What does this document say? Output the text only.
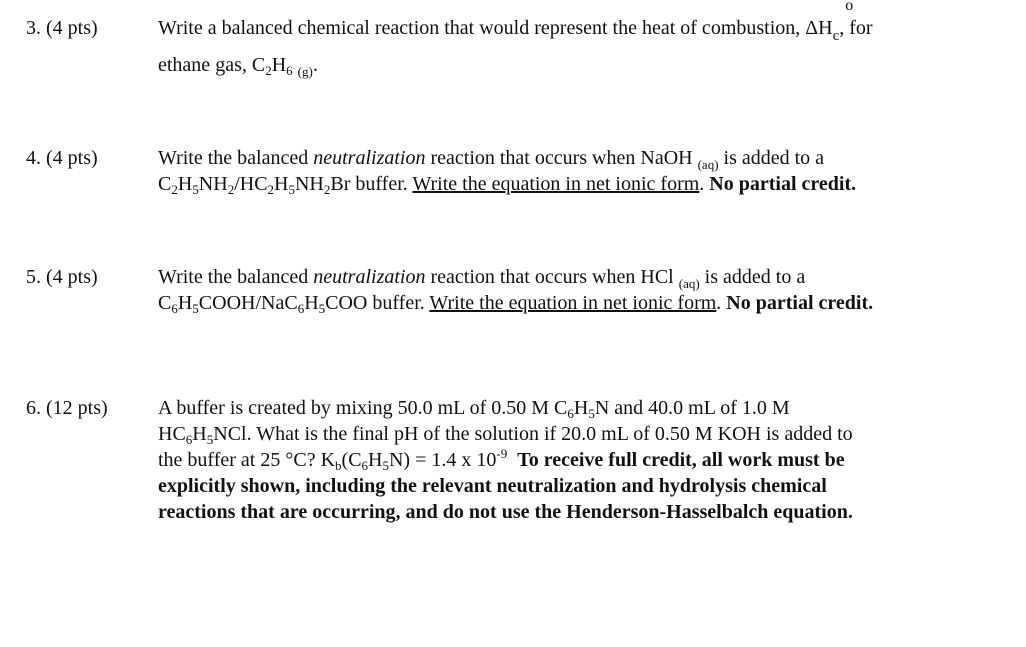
3. (4 pts)	Write a balanced chemical reaction that would represent the heat of combustion, $\Delta H_c$
o
, for
ethane gas, $C_2H_6$ $_{(g)}$.
4. (4 pts)	Write the balanced neutralization reaction that occurs when NaOH $_{(aq)}$ is added to a
$C_2H_5NH_2/HC_2H_5NH_2Br$ buffer. Write the equation in net ionic form. No partial credit.
5. (4 pts)	Write the balanced neutralization reaction that occurs when HCl $_{(aq)}$ is added to a
$C_6H_5COOH/NaC_6H_5COO$ buffer. Write the equation in net ionic form. No partial credit.
6. (12 pts)	A buffer is created by mixing 50.0 mL of 0.50 M $C_6H_5N$ and 40.0 mL of 1.0 M
$HC_6H_5NCl$. What is the final pH of the solution if 20.0 mL of 0.50 M KOH is added to
the buffer at 25 °C? $K_b(C_6H_5N) = 1.4$ x $10^{-9}$ To receive full credit, all work must be
explicitly shown, including the relevant neutralization and hydrolysis chemical
reactions that are occurring, and do not use the Henderson-Hasselbalch equation.
